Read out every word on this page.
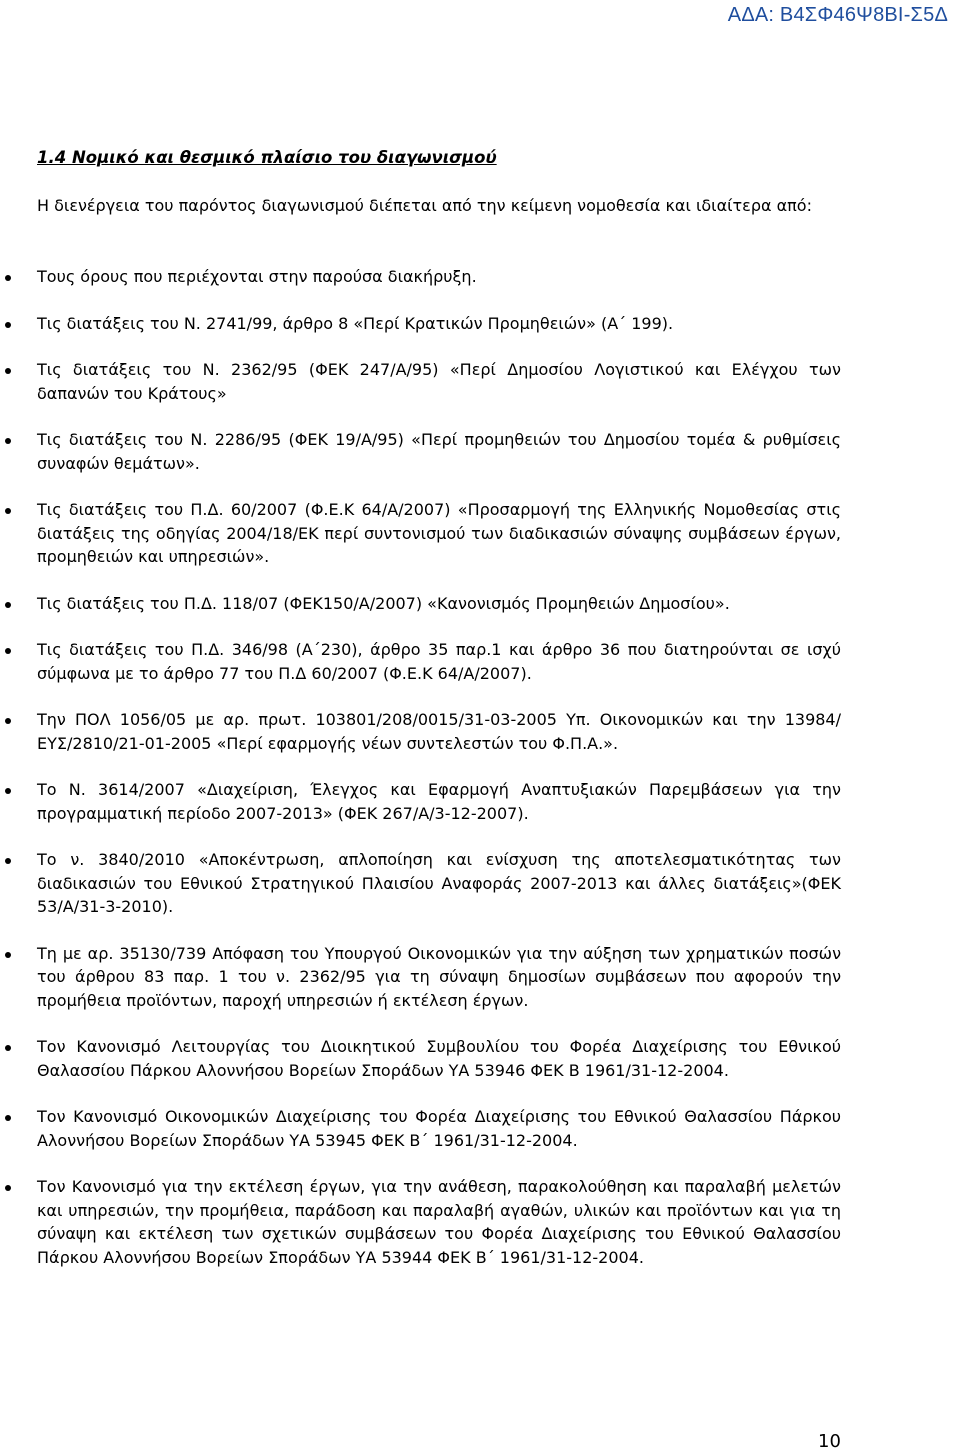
ΑΔΑ: Β4ΣΦ46Ψ8ΒΙ-Σ5Δ
1.4 Νομικό και θεσμικό πλαίσιο του διαγωνισμού
Η διενέργεια του παρόντος διαγωνισμού διέπεται από την κείμενη νομοθεσία και ιδιαίτερα από:
Τους όρους που περιέχονται στην παρούσα διακήρυξη.
Τις διατάξεις του Ν. 2741/99, άρθρο 8 «Περί Κρατικών Προμηθειών» (Α΄ 199).
Τις διατάξεις του Ν. 2362/95 (ΦΕΚ 247/Α/95) «Περί Δημοσίου Λογιστικού και Ελέγχου των δαπανών του Κράτους»
Τις διατάξεις του Ν. 2286/95 (ΦΕΚ 19/Α/95) «Περί προμηθειών του Δημοσίου τομέα & ρυθμίσεις συναφών θεμάτων».
Τις διατάξεις του Π.Δ. 60/2007 (Φ.Ε.Κ 64/Α/2007) «Προσαρμογή της Ελληνικής Νομοθεσίας στις διατάξεις της οδηγίας 2004/18/ΕΚ περί συντονισμού των διαδικασιών σύναψης συμβάσεων έργων, προμηθειών και υπηρεσιών».
Τις διατάξεις του Π.Δ. 118/07 (ΦΕΚ150/Α/2007) «Κανονισμός Προμηθειών Δημοσίου».
Τις διατάξεις του Π.Δ. 346/98 (Α΄230), άρθρο 35 παρ.1 και άρθρο 36 που διατηρούνται σε ισχύ σύμφωνα με το άρθρο 77 του Π.Δ 60/2007 (Φ.Ε.Κ 64/Α/2007).
Την ΠΟΛ 1056/05 με αρ. πρωτ. 103801/208/0015/31-03-2005 Υπ. Οικονομικών και την 13984/ΕΥΣ/2810/21-01-2005 «Περί εφαρμογής νέων συντελεστών του Φ.Π.Α.».
Το Ν. 3614/2007 «Διαχείριση, Έλεγχος και Εφαρμογή Αναπτυξιακών Παρεμβάσεων για την προγραμματική περίοδο 2007-2013» (ΦΕΚ 267/Α/3-12-2007).
Το ν. 3840/2010 «Αποκέντρωση, απλοποίηση και ενίσχυση της αποτελεσματικότητας των διαδικασιών του Εθνικού Στρατηγικού Πλαισίου Αναφοράς 2007-2013 και άλλες διατάξεις»(ΦΕΚ 53/Α/31-3-2010).
Τη με αρ. 35130/739 Απόφαση του Υπουργού Οικονομικών για την αύξηση των χρηματικών ποσών του άρθρου 83 παρ. 1 του ν. 2362/95 για τη σύναψη δημοσίων συμβάσεων που αφορούν την προμήθεια προϊόντων, παροχή υπηρεσιών ή εκτέλεση έργων.
Τον Κανονισμό Λειτουργίας του Διοικητικού Συμβουλίου του Φορέα Διαχείρισης του Εθνικού Θαλασσίου Πάρκου Αλοννήσου Βορείων Σποράδων ΥΑ 53946 ΦΕΚ Β 1961/31-12-2004.
Τον Κανονισμό Οικονομικών Διαχείρισης του Φορέα Διαχείρισης του Εθνικού Θαλασσίου Πάρκου Αλοννήσου Βορείων Σποράδων ΥΑ 53945 ΦΕΚ Β΄ 1961/31-12-2004.
Τον Κανονισμό για την εκτέλεση έργων, για την ανάθεση, παρακολούθηση και παραλαβή μελετών και υπηρεσιών, την προμήθεια, παράδοση και παραλαβή αγαθών, υλικών και προϊόντων και για τη σύναψη και εκτέλεση των σχετικών συμβάσεων του Φορέα Διαχείρισης του Εθνικού Θαλασσίου Πάρκου Αλοννήσου Βορείων Σποράδων ΥΑ 53944 ΦΕΚ Β΄ 1961/31-12-2004.
10
